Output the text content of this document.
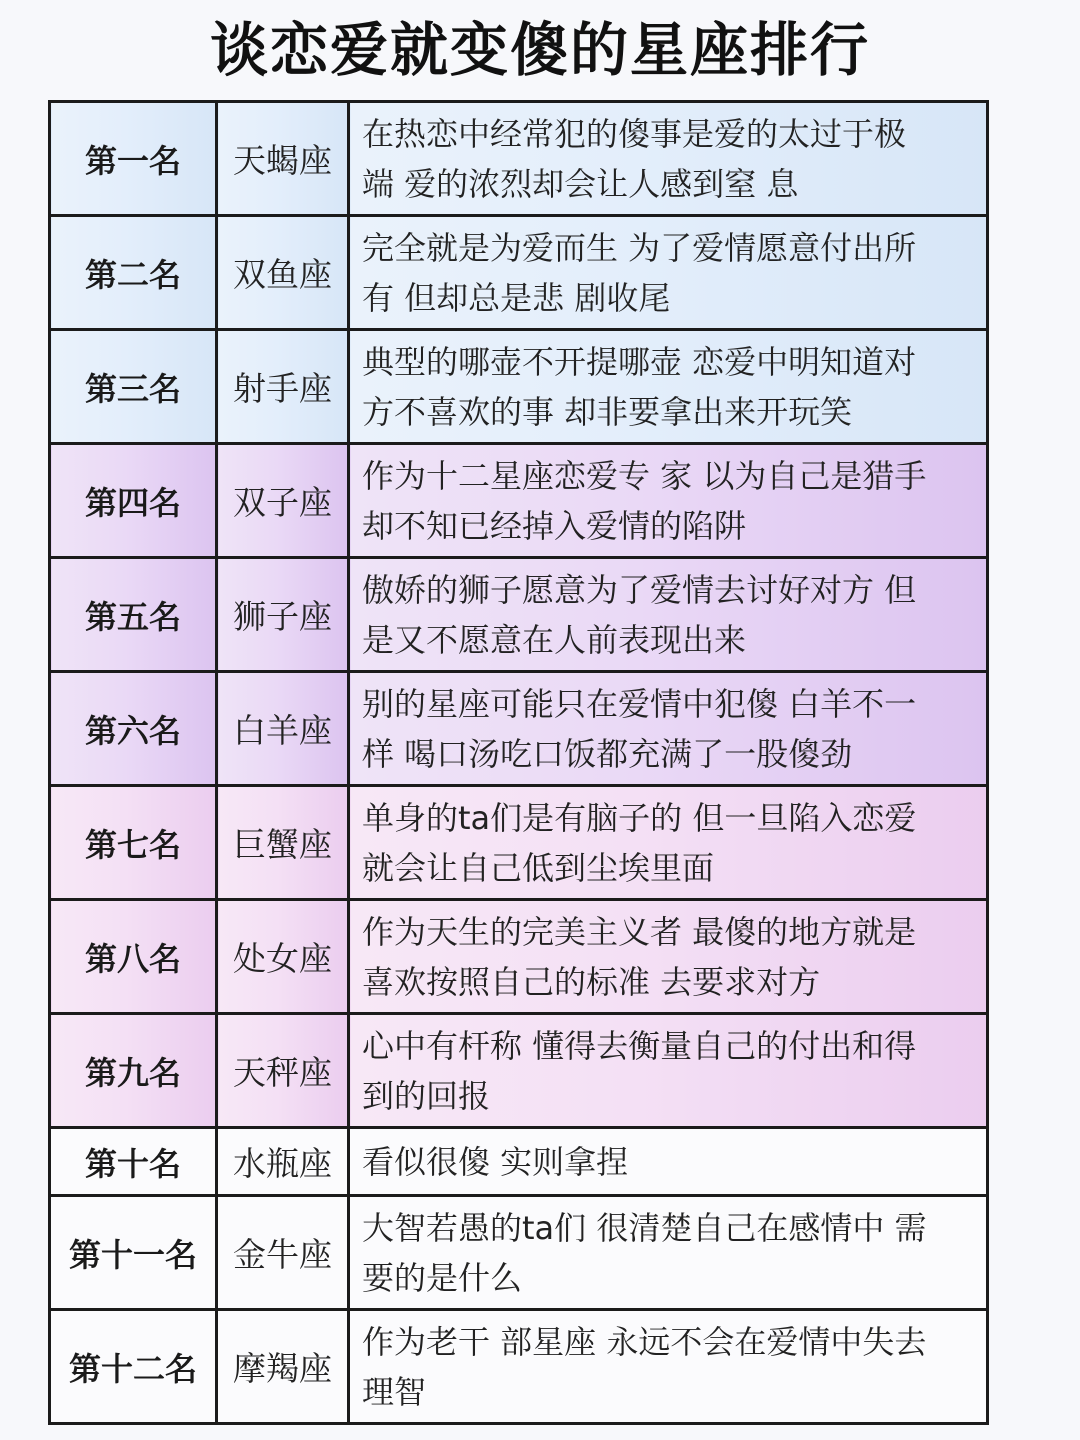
谈恋爱就变傻的星座排行
第一名	天蝎座	在热恋中经常犯的傻事是爱的太过于极
端 爱的浓烈却会让人感到窒 息
第二名	双鱼座	完全就是为爱而生 为了爱情愿意付出所
有 但却总是悲 剧收尾
第三名	射手座	典型的哪壶不开提哪壶 恋爱中明知道对
方不喜欢的事 却非要拿出来开玩笑
第四名	双子座	作为十二星座恋爱专 家 以为自己是猎手
却不知已经掉入爱情的陷阱
第五名	狮子座	傲娇的狮子愿意为了爱情去讨好对方 但
是又不愿意在人前表现出来
第六名	白羊座	别的星座可能只在爱情中犯傻 白羊不一
样 喝口汤吃口饭都充满了一股傻劲
第七名	巨蟹座	单身的ta们是有脑子的 但一旦陷入恋爱
就会让自己低到尘埃里面
第八名	处女座	作为天生的完美主义者 最傻的地方就是
喜欢按照自己的标准 去要求对方
第九名	天秤座	心中有杆称 懂得去衡量自己的付出和得
到的回报
第十名	水瓶座	看似很傻 实则拿捏
第十一名	金牛座	大智若愚的ta们 很清楚自己在感情中 需
要的是什么
第十二名	摩羯座	作为老干 部星座 永远不会在爱情中失去
理智
